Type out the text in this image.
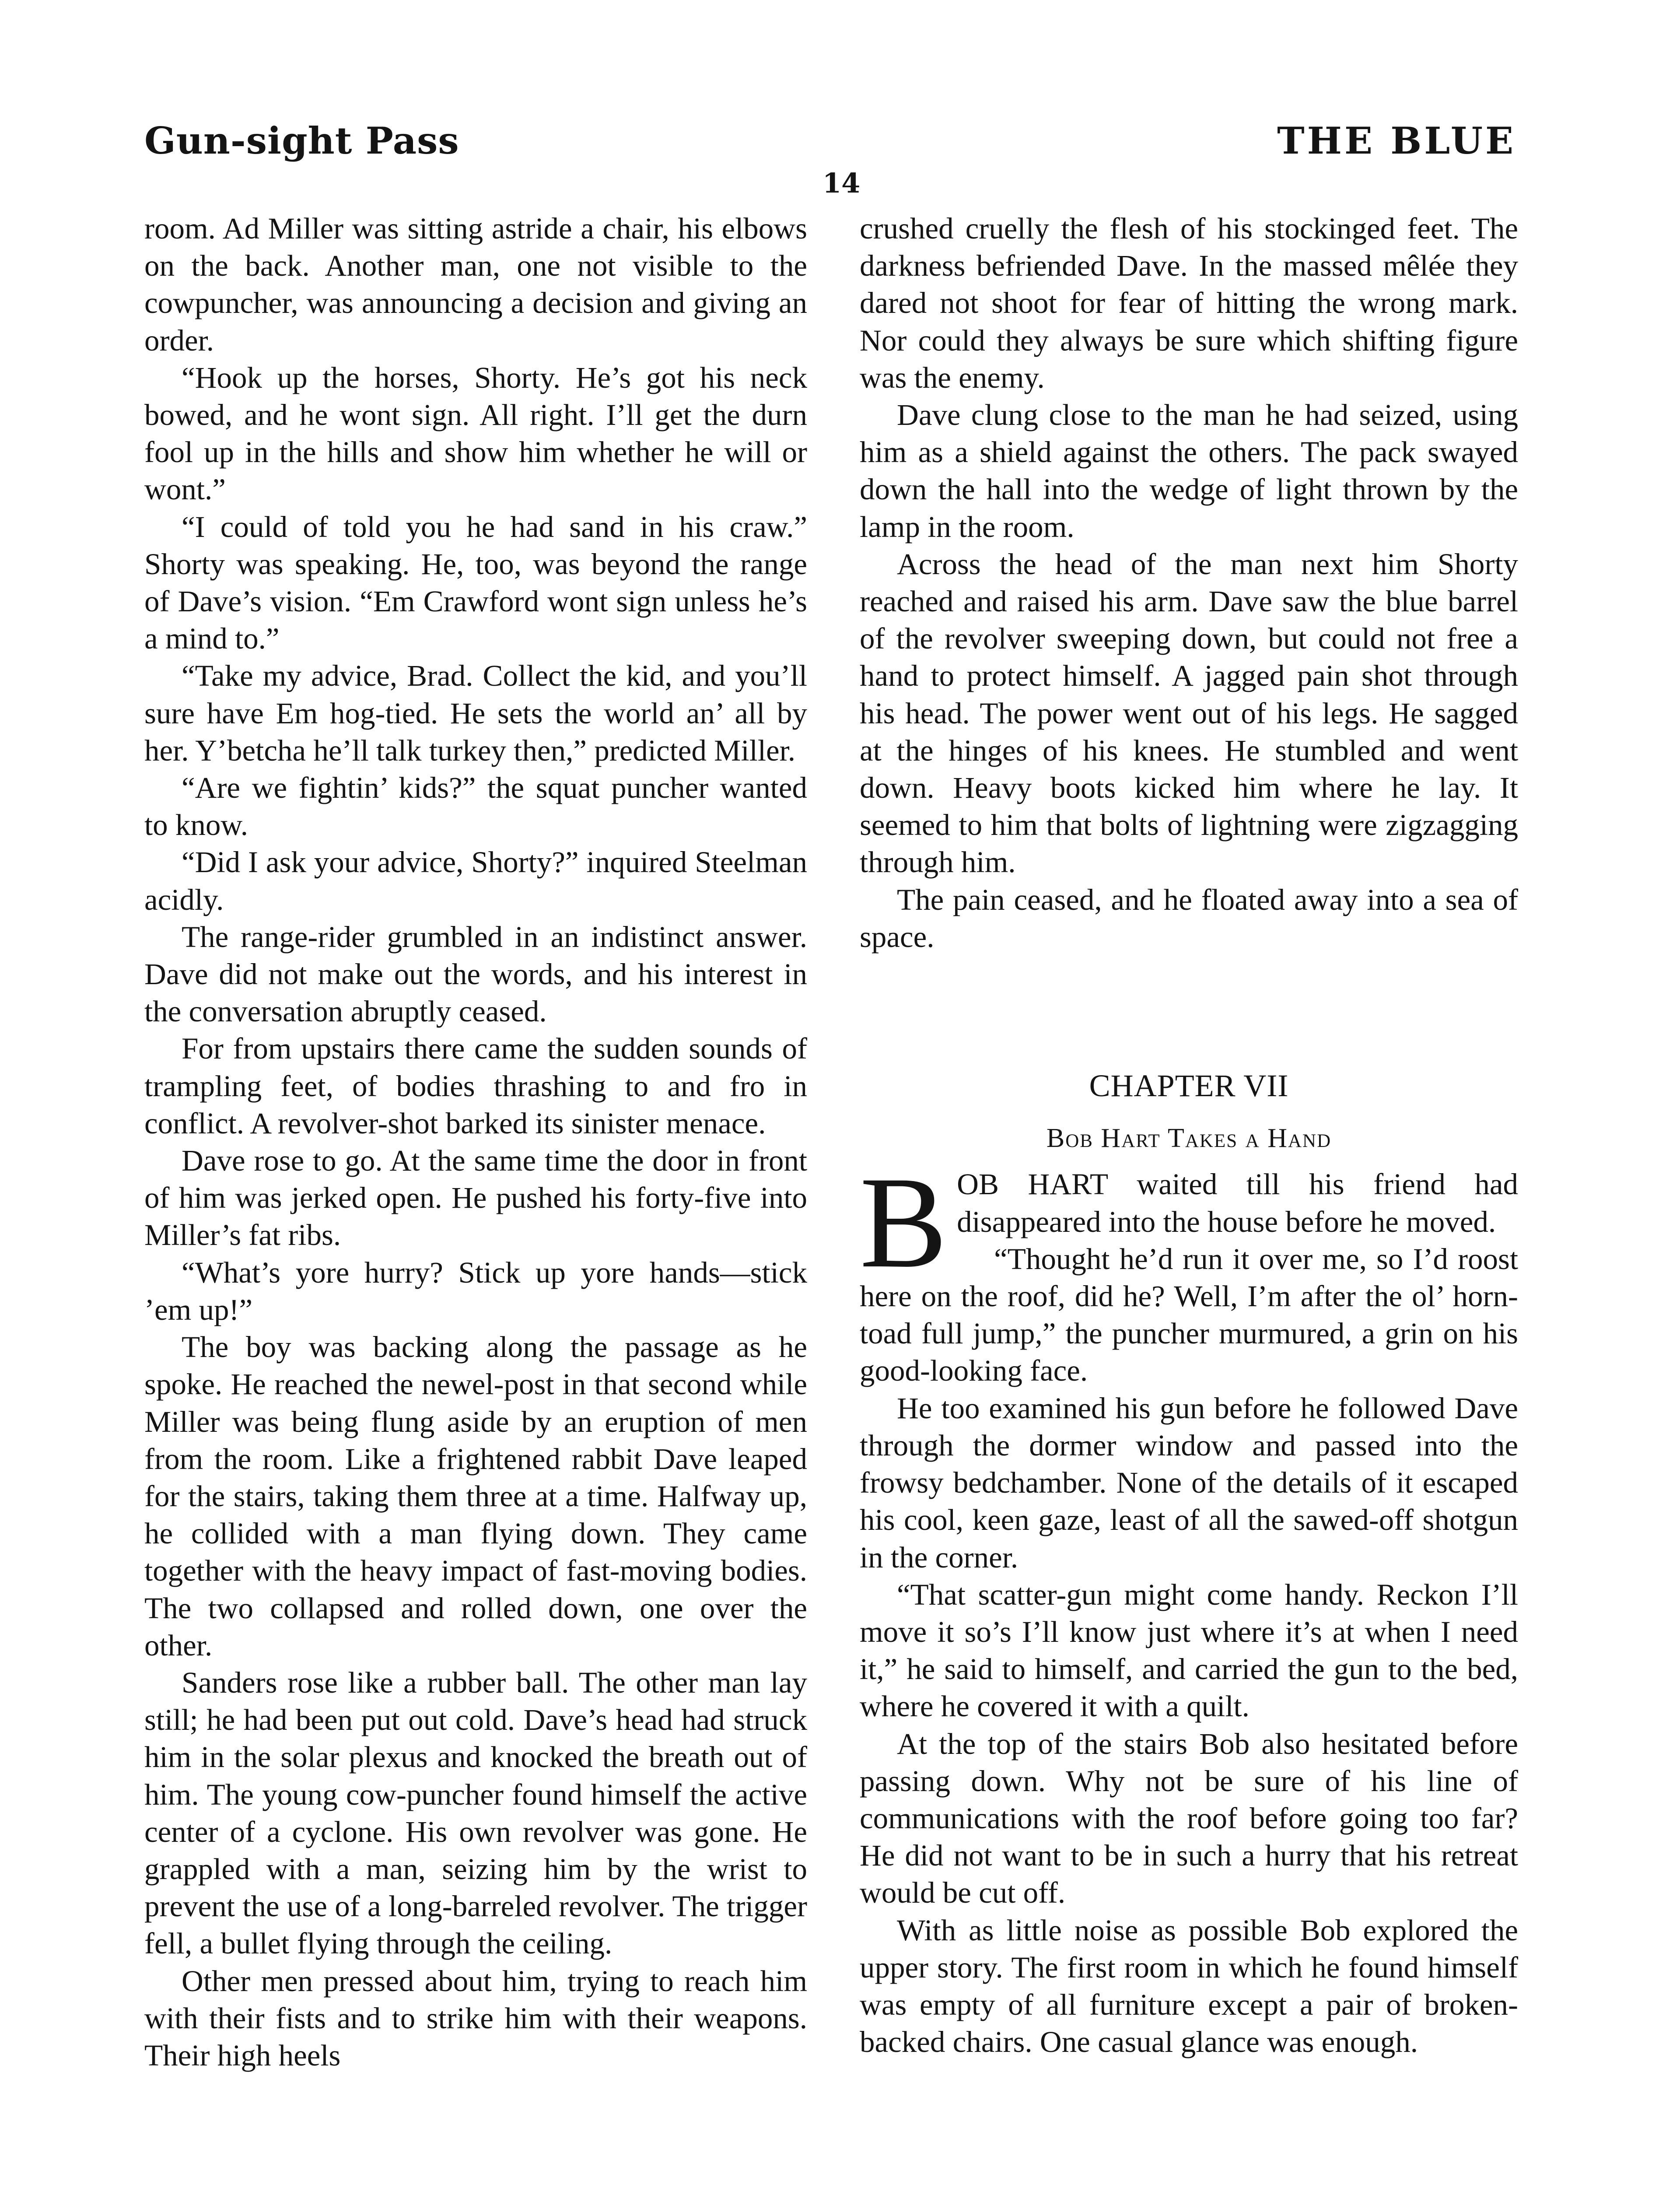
Gun-sight Pass	THE BLUE
14

room. Ad Miller was sitting astride a chair, his elbows on the back. Another man, one not visible to the cowpuncher, was announcing a decision and giving an order.

“Hook up the horses, Shorty. He’s got his neck bowed, and he wont sign. All right. I’ll get the durn fool up in the hills and show him whether he will or wont.”

“I could of told you he had sand in his craw.” Shorty was speaking. He, too, was beyond the range of Dave’s vision. “Em Crawford wont sign unless he’s a mind to.”

“Take my advice, Brad. Collect the kid, and you’ll sure have Em hog-tied. He sets the world an’ all by her. Y’betcha he’ll talk turkey then,” predicted Miller.

“Are we fightin’ kids?” the squat puncher wanted to know.

“Did I ask your advice, Shorty?” inquired Steelman acidly.

The range-rider grumbled in an indistinct answer. Dave did not make out the words, and his interest in the conversation abruptly ceased.

For from upstairs there came the sudden sounds of trampling feet, of bodies thrashing to and fro in conflict. A revolver-shot barked its sinister menace.

Dave rose to go. At the same time the door in front of him was jerked open. He pushed his forty-five into Miller’s fat ribs.

“What’s yore hurry? Stick up yore hands—stick ’em up!”

The boy was backing along the passage as he spoke. He reached the newel-post in that second while Miller was being flung aside by an eruption of men from the room. Like a frightened rabbit Dave leaped for the stairs, taking them three at a time. Halfway up, he collided with a man flying down. They came together with the heavy impact of fast-moving bodies. The two collapsed and rolled down, one over the other.

Sanders rose like a rubber ball. The other man lay still; he had been put out cold. Dave’s head had struck him in the solar plexus and knocked the breath out of him. The young cow-puncher found himself the active center of a cyclone. His own revolver was gone. He grappled with a man, seizing him by the wrist to prevent the use of a long-barreled revolver. The trigger fell, a bullet flying through the ceiling.

Other men pressed about him, trying to reach him with their fists and to strike him with their weapons. Their high heels

crushed cruelly the flesh of his stockinged feet. The darkness befriended Dave. In the massed mêlée they dared not shoot for fear of hitting the wrong mark. Nor could they always be sure which shifting figure was the enemy.

Dave clung close to the man he had seized, using him as a shield against the others. The pack swayed down the hall into the wedge of light thrown by the lamp in the room.

Across the head of the man next him Shorty reached and raised his arm. Dave saw the blue barrel of the revolver sweeping down, but could not free a hand to protect himself. A jagged pain shot through his head. The power went out of his legs. He sagged at the hinges of his knees. He stumbled and went down. Heavy boots kicked him where he lay. It seemed to him that bolts of lightning were zigzagging through him.

The pain ceased, and he floated away into a sea of space.

CHAPTER VII

Bob Hart Takes a Hand

BOB HART waited till his friend had disappeared into the house before he moved.

“Thought he’d run it over me, so I’d roost here on the roof, did he? Well, I’m after the ol’ horn-toad full jump,” the puncher murmured, a grin on his good-looking face.

He too examined his gun before he followed Dave through the dormer window and passed into the frowsy bedchamber. None of the details of it escaped his cool, keen gaze, least of all the sawed-off shotgun in the corner.

“That scatter-gun might come handy. Reckon I’ll move it so’s I’ll know just where it’s at when I need it,” he said to himself, and carried the gun to the bed, where he covered it with a quilt.

At the top of the stairs Bob also hesitated before passing down. Why not be sure of his line of communications with the roof before going too far? He did not want to be in such a hurry that his retreat would be cut off.

With as little noise as possible Bob explored the upper story. The first room in which he found himself was empty of all furniture except a pair of broken-backed chairs. One casual glance was enough.
